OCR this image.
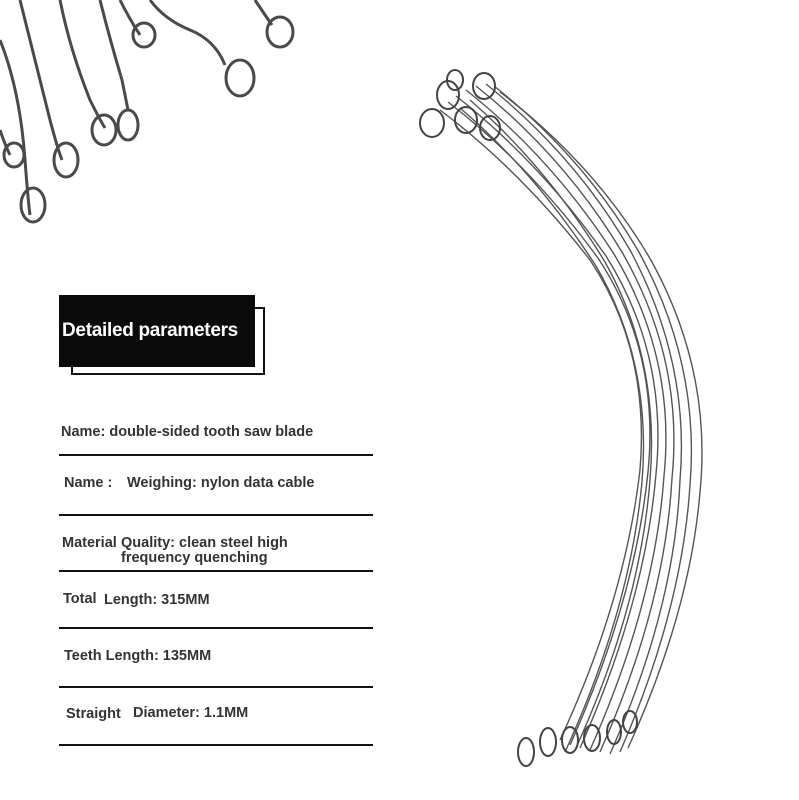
Detailed parameters
Name: double-sided tooth saw blade
Name : Weighing: nylon data cable
Material Quality: clean steel high
frequency quenching
Total Length: 315MM
Teeth Length: 135MM
Straight Diameter: 1.1MM
